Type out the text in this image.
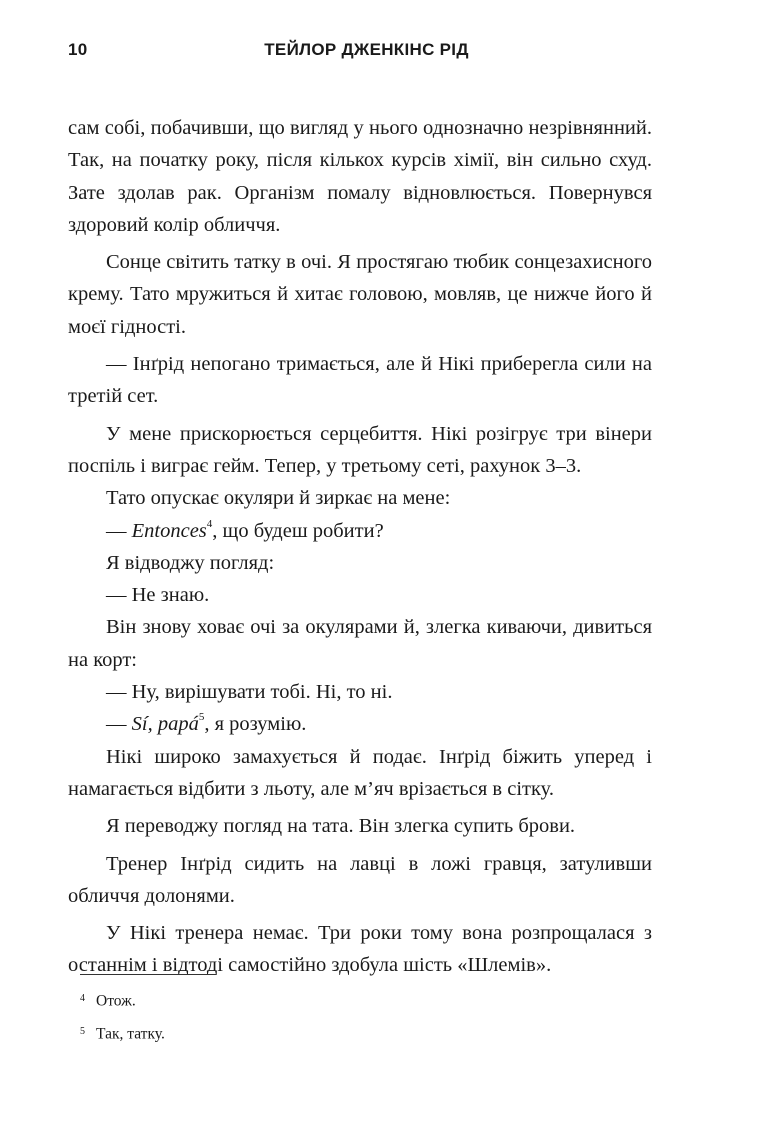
10	ТЕЙЛОР ДЖЕНКІНС РІД

сам собі, побачивши, що вигляд у нього однозначно незрівнянний. Так, на початку року, після кількох курсів хімії, він сильно схуд. Зате здолав рак. Організм помалу відновлюється. Повернувся здоровий колір обличчя.

Сонце світить татку в очі. Я простягаю тюбик сонцезахисного крему. Тато мружиться й хитає головою, мовляв, це нижче його й моєї гідності.

— Інґрід непогано тримається, але й Нікі приберегла сили на третій сет.

У мене прискорюється серцебиття. Нікі розігрує три вінери поспіль і виграє гейм. Тепер, у третьому сеті, рахунок 3–3.

Тато опускає окуляри й зиркає на мене:

— Entonces$^4$, що будеш робити?

Я відводжу погляд:

— Не знаю.

Він знову ховає очі за окулярами й, злегка киваючи, дивиться на корт:

— Ну, вирішувати тобі. Ні, то ні.

— Sí, papá$^5$, я розумію.

Нікі широко замахується й подає. Інґрід біжить уперед і намагається відбити з льоту, але м’яч врізається в сітку.

Я переводжу погляд на тата. Він злегка супить брови.

Тренер Інґрід сидить на лавці в ложі гравця, затуливши обличчя долонями.

У Нікі тренера немає. Три роки тому вона розпрощалася з останнім і відтоді самостійно здобула шість «Шлемів».

4 Отож.
5 Так, татку.
